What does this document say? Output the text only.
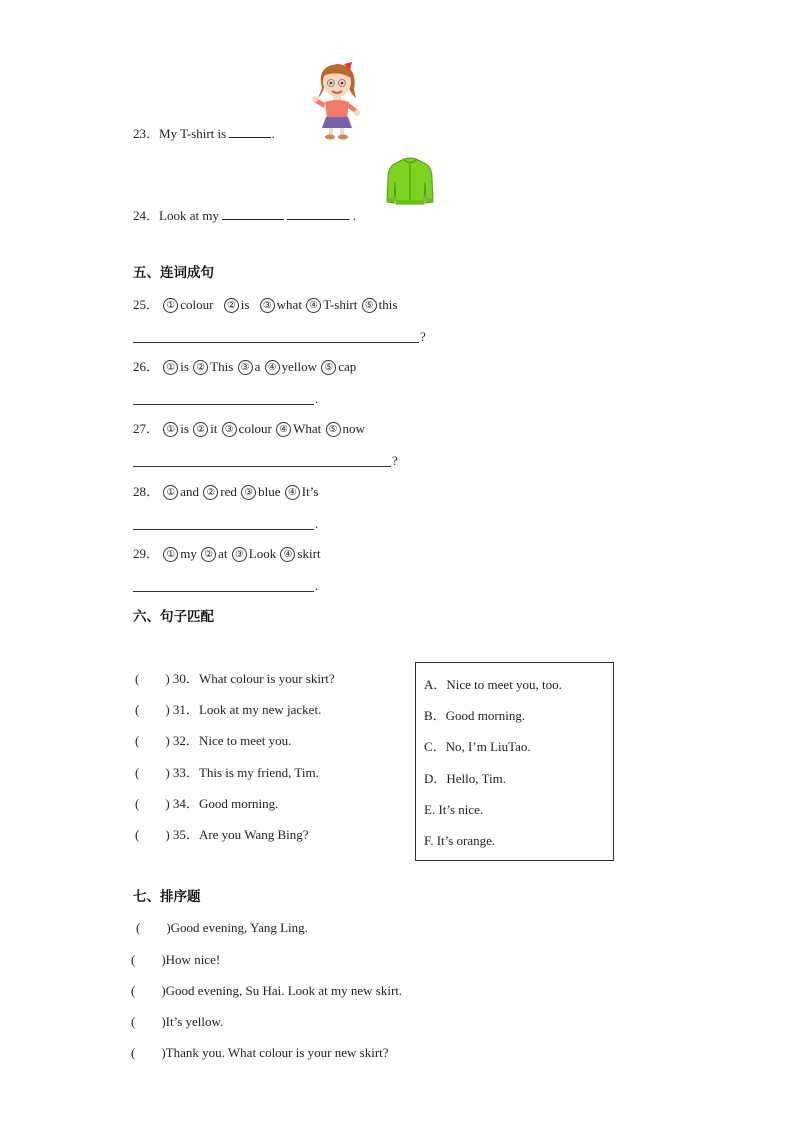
23．My T-shirt is	.
24．Look at my	.
五、连词成句
25． ① colour ② is ③ what ④ T-shirt ⑤ this
?
26． ① is ② This ③ a ④ yellow ⑤ cap
.
27． ① is ② it ③ colour ④ What ⑤ now
?
28． ① and ② red ③ blue ④ It’s
.
29． ① my ② at ③ Look ④ skirt
.
六、句子匹配
(　　) 30．What colour is your skirt?
(　　) 31．Look at my new jacket.
(　　) 32．Nice to meet you.
(　　) 33．This is my friend, Tim.
(　　) 34．Good morning.
(　　) 35．Are you Wang Bing?
A．Nice to meet you, too.
B．Good morning.
C．No, I’m LiuTao.
D．Hello, Tim.
E. It’s nice.
F. It’s orange.
七、排序题
(　　)Good evening, Yang Ling.
(　　)How nice!
(　　)Good evening, Su Hai. Look at my new skirt.
(　　)It’s yellow.
(　　)Thank you. What colour is your new skirt?
